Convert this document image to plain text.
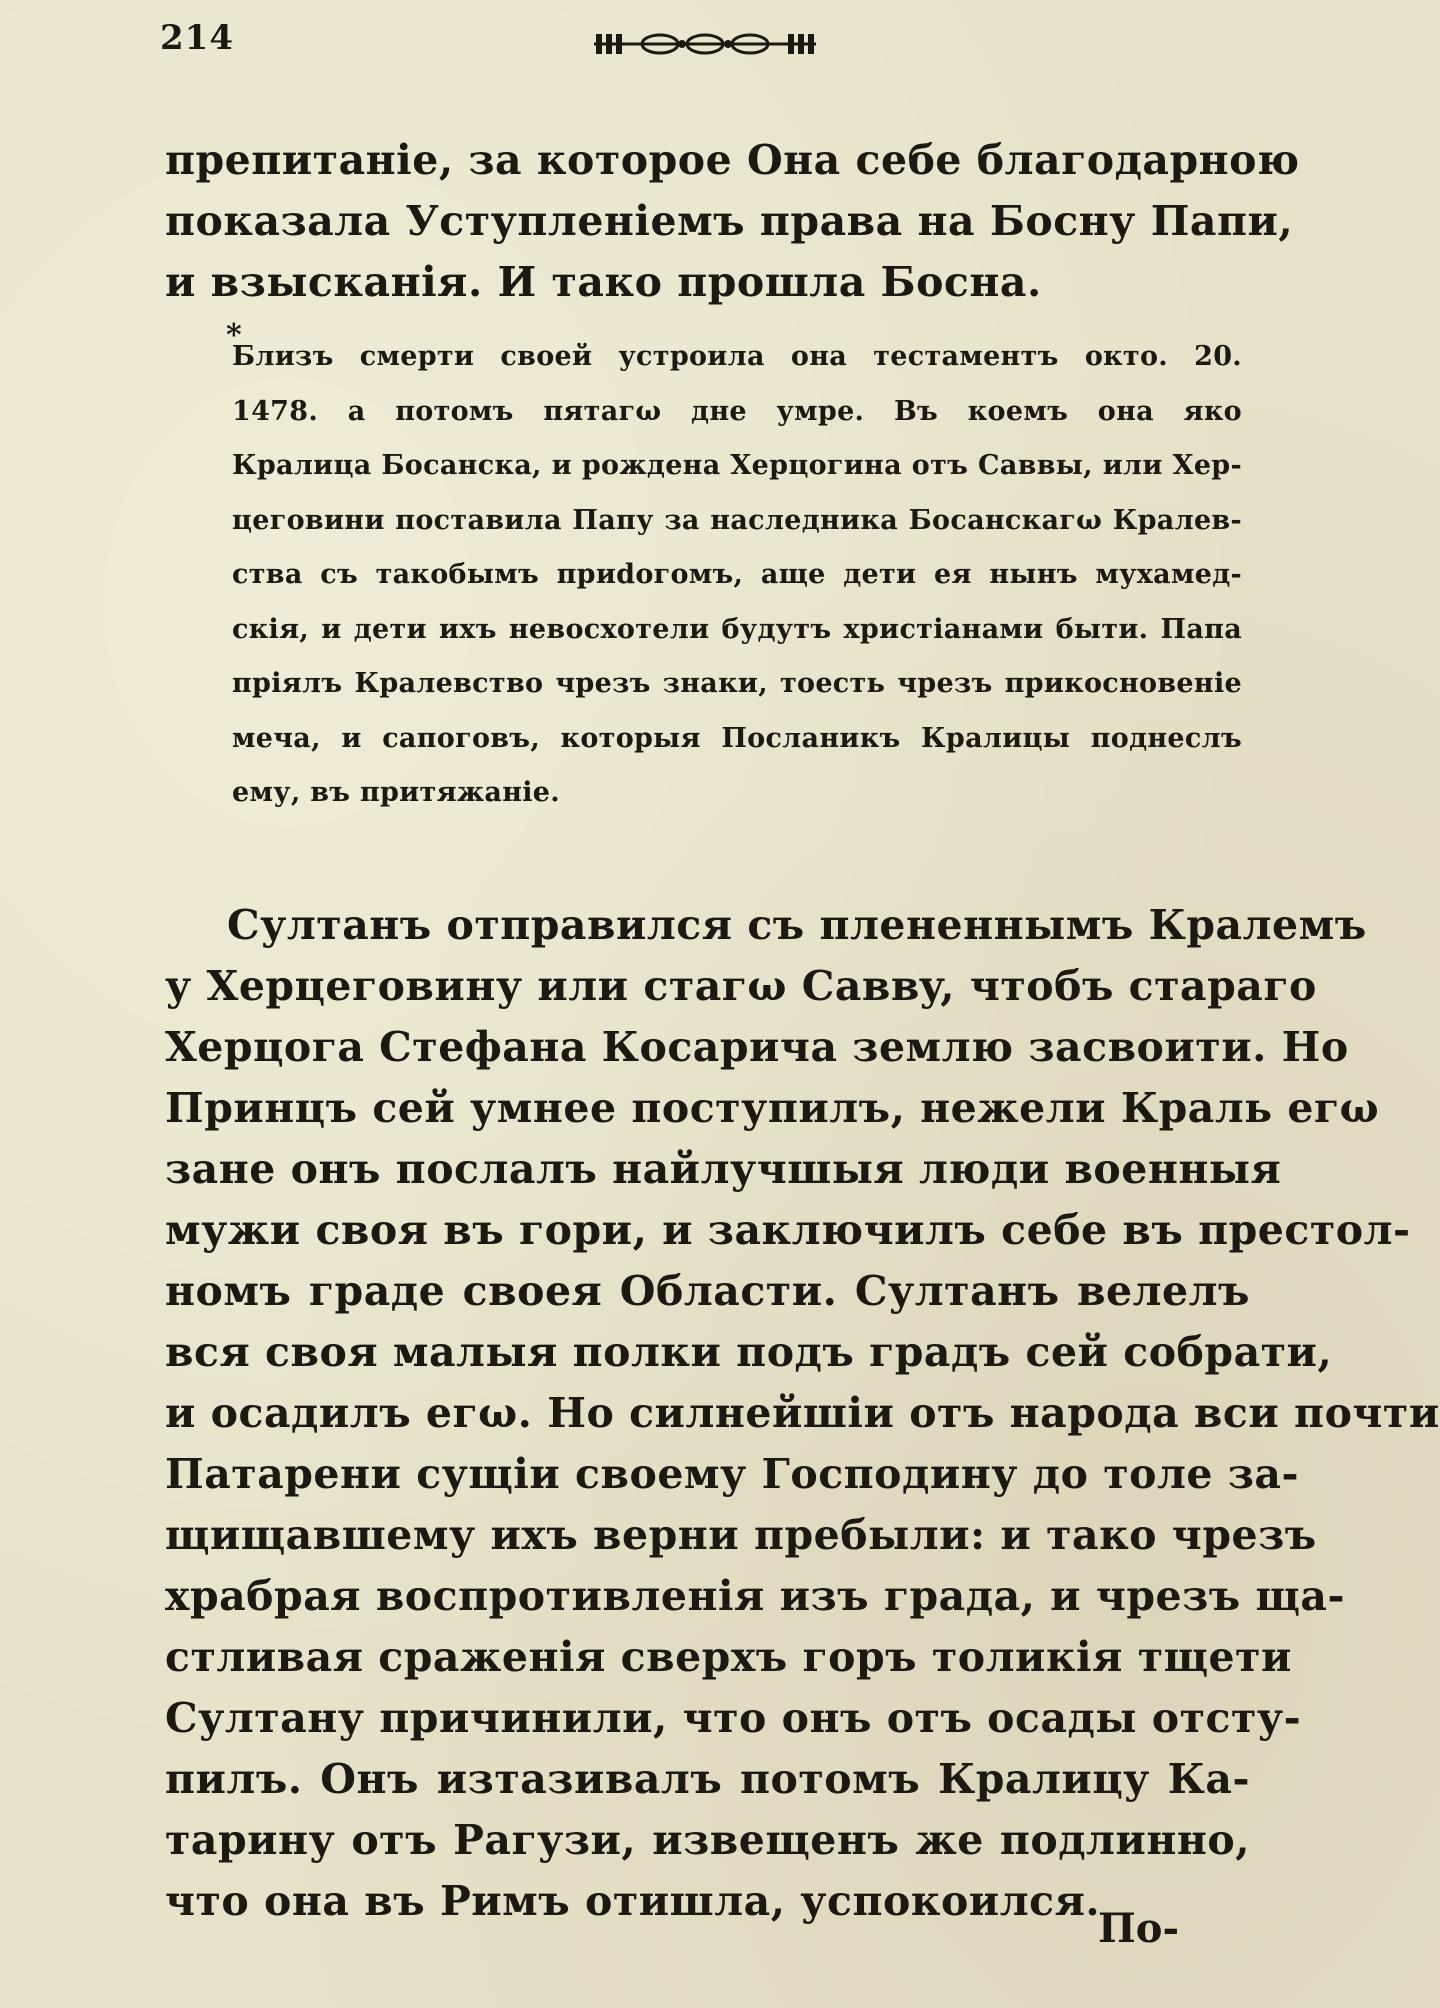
214
препитаніе, за которое Она себе благодарною
показала Уступленіемъ права на Босну Папи,
и взысканія. И тако прошла Босна.
*
Близъ смерти своей устроила она тестаментъ окто. 20.
1478. а потомъ пятагω дне умре. Въ коемъ она яко
Кралица Босанска, и рождена Херцогина отъ Саввы, или Хер-
цеговини поставила Папу за наследника Босанскагω Кралев-
ства съ такобымъ приdогомъ, аще дети ея нынъ мухамед-
скія, и дети ихъ невосхотели будутъ христіанами быти. Папа
пріялъ Кралевство чрезъ знаки, тоесть чрезъ прикосновеніе
меча, и сапоговъ, которыя Посланикъ Кралицы поднеслъ
ему, въ притяжаніе.
Султанъ отправился съ плененнымъ Кралемъ
у Херцеговину или стагω Саввy, чтобъ стараго
Херцога Стефана Косарича землю засвоити. Но
Принцъ сей умнее поступилъ, нежели Краль егω
зане онъ послалъ найлучшыя люди военныя
мужи своя въ гори, и заключилъ себе въ престол-
номъ граде своея Области. Султанъ велелъ
вся своя малыя полки подъ градъ сей собрати,
и осадилъ егω. Но силнейшіи отъ народа вси почти
Патарени сущіи своему Господину до толе за-
щищавшему ихъ верни пребыли: и тако чрезъ
храбрая воспротивленія изъ града, и чрезъ ща-
стливая сраженія сверхъ горъ толикія тщети
Султану причинили, что онъ отъ осады отсту-
пилъ. Онъ изтазивалъ потомъ Кралицу Ка-
тарину отъ Рагузи, извещенъ же подлинно,
что она въ Римъ отишла, успокоился.
По-
